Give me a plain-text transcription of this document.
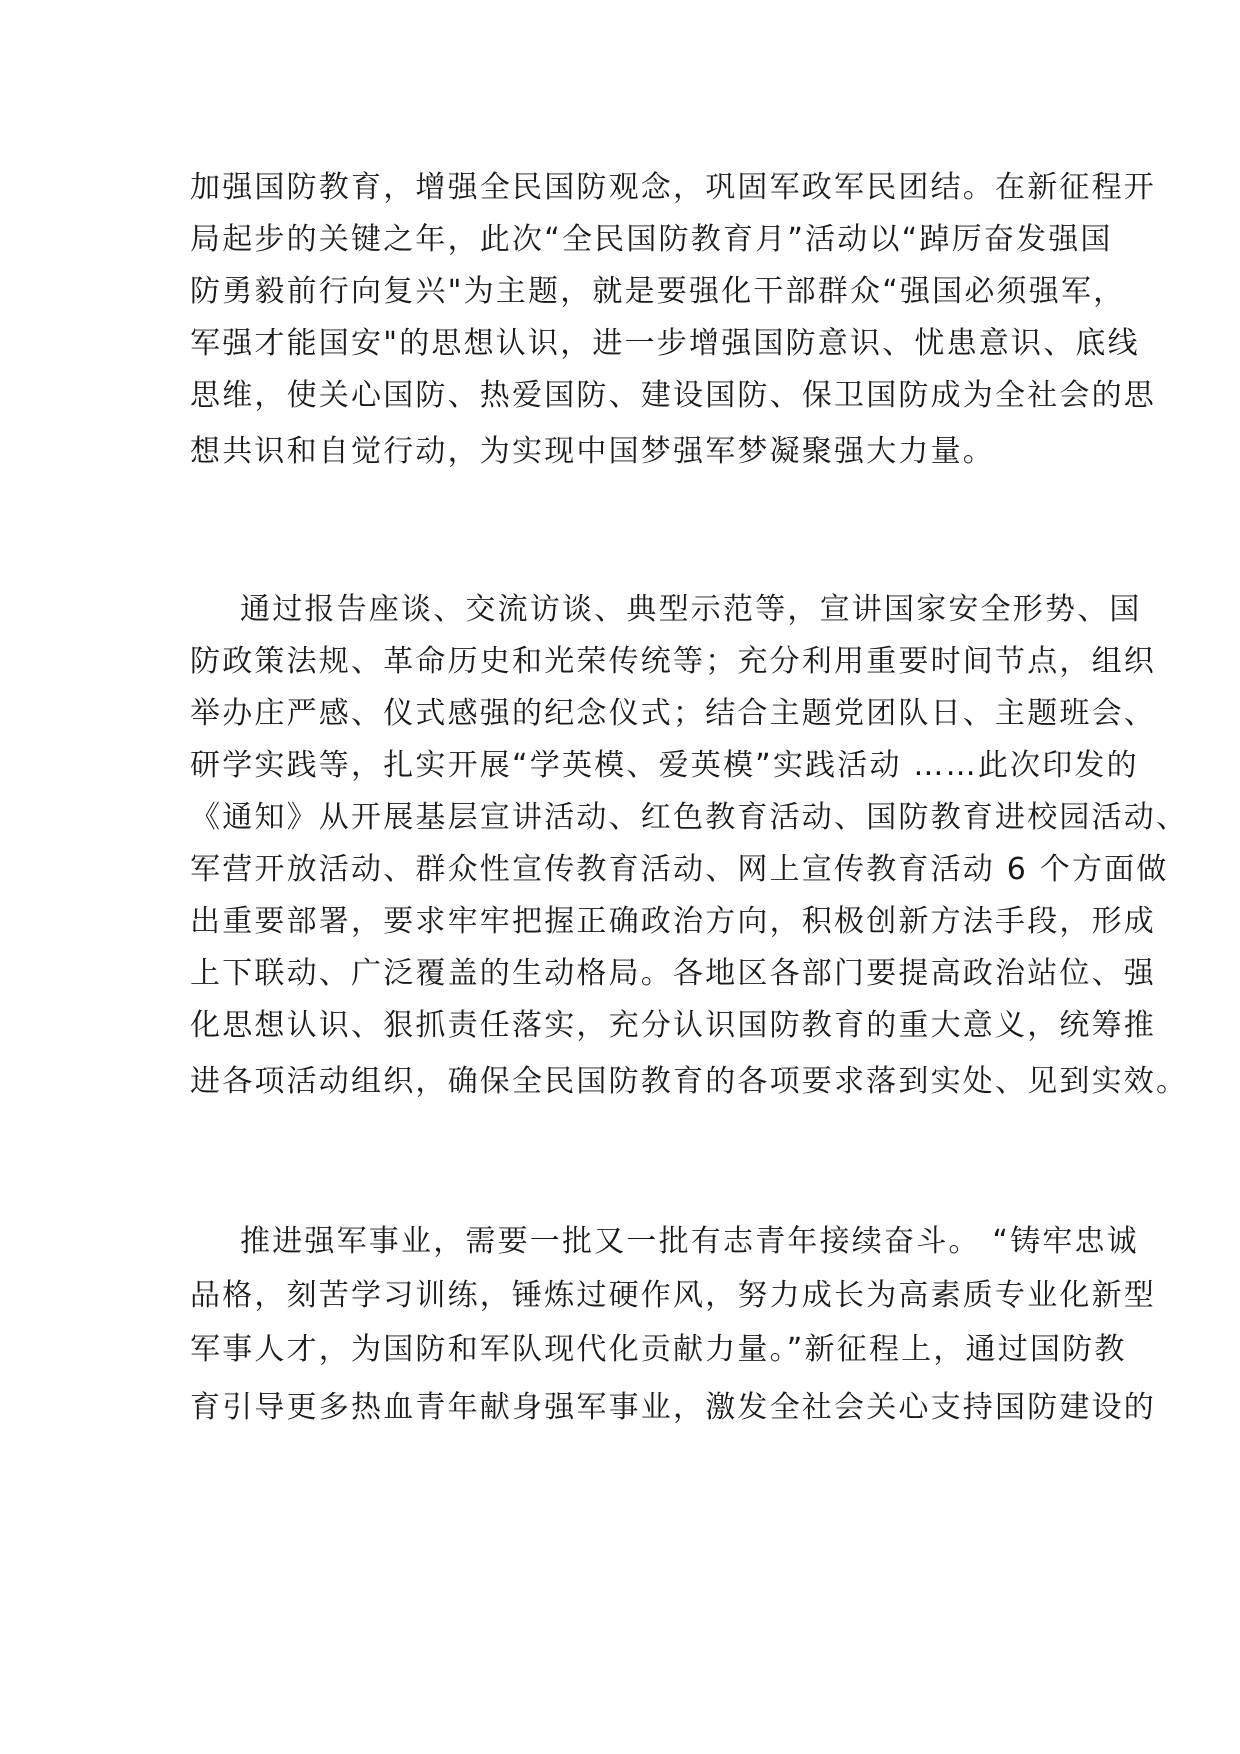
加强国防教育，增强全民国防观念，巩固军政军民团结。在新征程开
局起步的关键之年，此次“全民国防教育月”活动以“踔厉奋发强国
防勇毅前行向复兴"为主题，就是要强化干部群众“强国必须强军，
军强才能国安"的思想认识，进一步增强国防意识、忧患意识、底线
思维，使关心国防、热爱国防、建设国防、保卫国防成为全社会的思
想共识和自觉行动，为实现中国梦强军梦凝聚强大力量。
通过报告座谈、交流访谈、典型示范等，宣讲国家安全形势、国
防政策法规、革命历史和光荣传统等；充分利用重要时间节点，组织
举办庄严感、仪式感强的纪念仪式；结合主题党团队日、主题班会、
研学实践等，扎实开展“学英模、爱英模”实践活动 ……此次印发的
《通知》从开展基层宣讲活动、红色教育活动、国防教育进校园活动、
军营开放活动、群众性宣传教育活动、网上宣传教育活动 6 个方面做
出重要部署，要求牢牢把握正确政治方向，积极创新方法手段，形成
上下联动、广泛覆盖的生动格局。各地区各部门要提高政治站位、强
化思想认识、狠抓责任落实，充分认识国防教育的重大意义，统筹推
进各项活动组织，确保全民国防教育的各项要求落到实处、见到实效。
推进强军事业，需要一批又一批有志青年接续奋斗。 “铸牢忠诚
品格，刻苦学习训练，锤炼过硬作风，努力成长为高素质专业化新型
军事人才，为国防和军队现代化贡献力量。”新征程上，通过国防教
育引导更多热血青年献身强军事业，激发全社会关心支持国防建设的
